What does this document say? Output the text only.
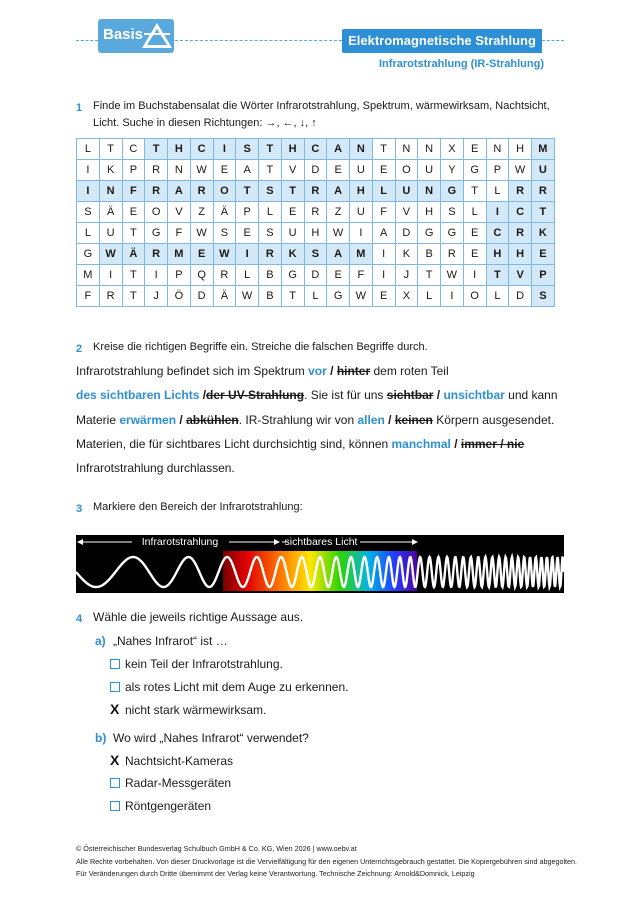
Basis	Elektromagnetische Strahlung
Infrarotstrahlung (IR-Strahlung)
1 Finde im Buchstabensalat die Wörter Infrarotstrahlung, Spektrum, wärmewirksam, Nachtsicht,
Licht. Suche in diesen Richtungen: →, ←, ↓, ↑
L	T	C	T	H	C	I	S	T	H	C	A	N	T	N	N	X	E	N	H	M
I	K	P	R	N	W	E	A	T	V	D	E	U	E	O	U	Y	G	P	W	U
I	N	F	R	A	R	O	T	S	T	R	A	H	L	U	N	G	T	L	R	R
S	Ä	E	O	V	Z	Ä	P	L	E	R	Z	U	F	V	H	S	L	I	C	T
L	U	T	G	F	W	S	E	S	U	H	W	I	A	D	G	G	E	C	R	K
G	W	Ä	R	M	E	W	I	R	K	S	A	M	I	K	B	R	E	H	H	E
M	I	T	I	P	Q	R	L	B	G	D	E	F	I	J	T	W	I	T	V	P
F	R	T	J	Ö	D	Ä	W	B	T	L	G	W	E	X	L	I	O	L	D	S
2 Kreise die richtigen Begriffe ein. Streiche die falschen Begriffe durch.
Infrarotstrahlung befindet sich im Spektrum vor / hinter dem roten Teil
des sichtbaren Lichts /der UV-Strahlung. Sie ist für uns sichtbar / unsichtbar und kann
Materie erwärmen / abkühlen. IR-Strahlung wir von allen / keinen Körpern ausgesendet.
Materien, die für sichtbares Licht durchsichtig sind, können manchmal / immer / nie
Infrarotstrahlung durchlassen.
3 Markiere den Bereich der Infrarotstrahlung:
Infrarotstrahlung	sichtbares Licht
4 Wähle die jeweils richtige Aussage aus.
a) „Nahes Infrarot“ ist …
kein Teil der Infrarotstrahlung.
als rotes Licht mit dem Auge zu erkennen.
X nicht stark wärmewirksam.
b) Wo wird „Nahes Infrarot“ verwendet?
X Nachtsicht-Kameras
Radar-Messgeräten
Röntgengeräten
© Österreichischer Bundesverlag Schulbuch GmbH & Co. KG, Wien 2026 | www.oebv.at
Alle Rechte vorbehalten. Von dieser Druckvorlage ist die Vervielfältigung für den eigenen Unterrichtsgebrauch gestattet. Die Kopiergebühren sind abgegolten.
Für Veränderungen durch Dritte übernimmt der Verlag keine Verantwortung. Technische Zeichnung: Arnold&Domnick, Leipzig
